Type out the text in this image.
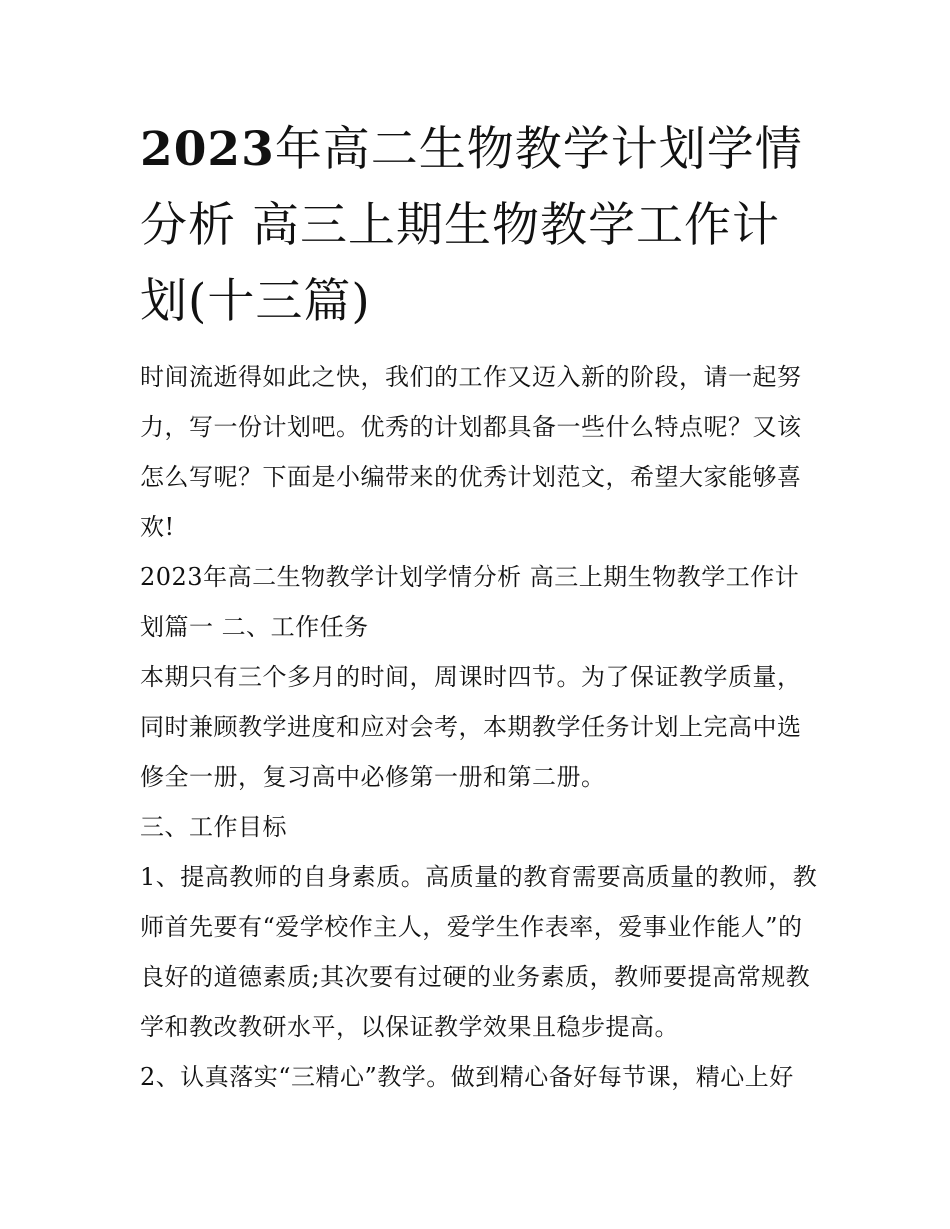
2023年高二生物教学计划学情分析 高三上期生物教学工作计划(十三篇)

时间流逝得如此之快，我们的工作又迈入新的阶段，请一起努力，写一份计划吧。优秀的计划都具备一些什么特点呢？又该怎么写呢？下面是小编带来的优秀计划范文，希望大家能够喜欢!

2023年高二生物教学计划学情分析 高三上期生物教学工作计划篇一 二、工作任务

本期只有三个多月的时间，周课时四节。为了保证教学质量，同时兼顾教学进度和应对会考，本期教学任务计划上完高中选修全一册，复习高中必修第一册和第二册。

三、工作目标

1、提高教师的自身素质。高质量的教育需要高质量的教师，教师首先要有“爱学校作主人，爱学生作表率，爱事业作能人”的良好的道德素质;其次要有过硬的业务素质，教师要提高常规教学和教改教研水平，以保证教学效果且稳步提高。

2、认真落实“三精心”教学。做到精心备好每节课，精心上好
